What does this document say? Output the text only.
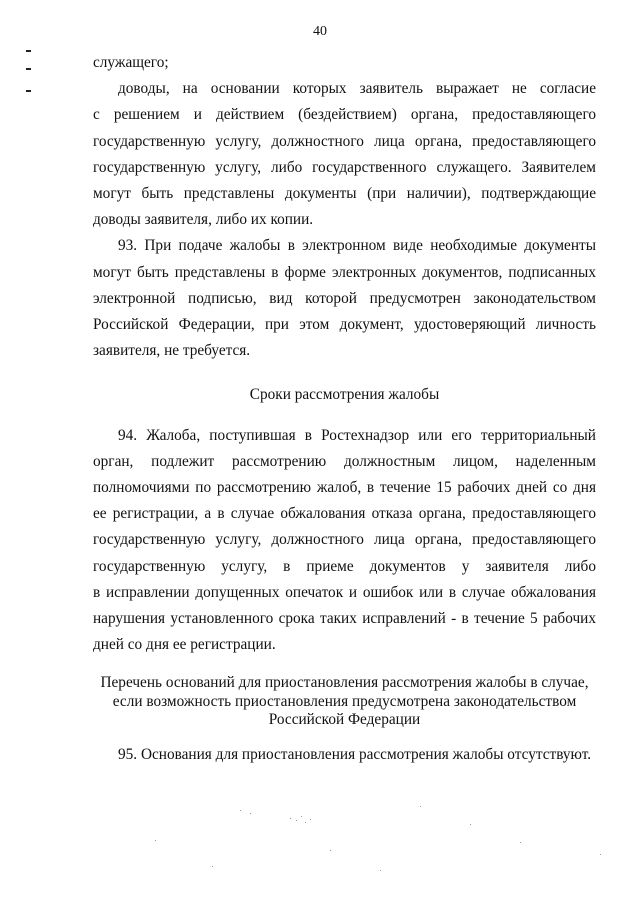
40
служащего;
доводы, на основании которых заявитель выражает не согласие
с решением и действием (бездействием) органа, предоставляющего
государственную услугу, должностного лица органа, предоставляющего
государственную услугу, либо государственного служащего. Заявителем
могут быть представлены документы (при наличии), подтверждающие
доводы заявителя, либо их копии.
93. При подаче жалобы в электронном виде необходимые документы
могут быть представлены в форме электронных документов, подписанных
электронной подписью, вид которой предусмотрен законодательством
Российской Федерации, при этом документ, удостоверяющий личность
заявителя, не требуется.
Сроки рассмотрения жалобы
94. Жалоба, поступившая в Ростехнадзор или его территориальный
орган, подлежит рассмотрению должностным лицом, наделенным
полномочиями по рассмотрению жалоб, в течение 15 рабочих дней со дня
ее регистрации, а в случае обжалования отказа органа, предоставляющего
государственную услугу, должностного лица органа, предоставляющего
государственную услугу, в приеме документов у заявителя либо
в исправлении допущенных опечаток и ошибок или в случае обжалования
нарушения установленного срока таких исправлений - в течение 5 рабочих
дней со дня ее регистрации.
Перечень оснований для приостановления рассмотрения жалобы в случае,
если возможность приостановления предусмотрена законодательством
Российской Федерации
95. Основания для приостановления рассмотрения жалобы отсутствуют.
